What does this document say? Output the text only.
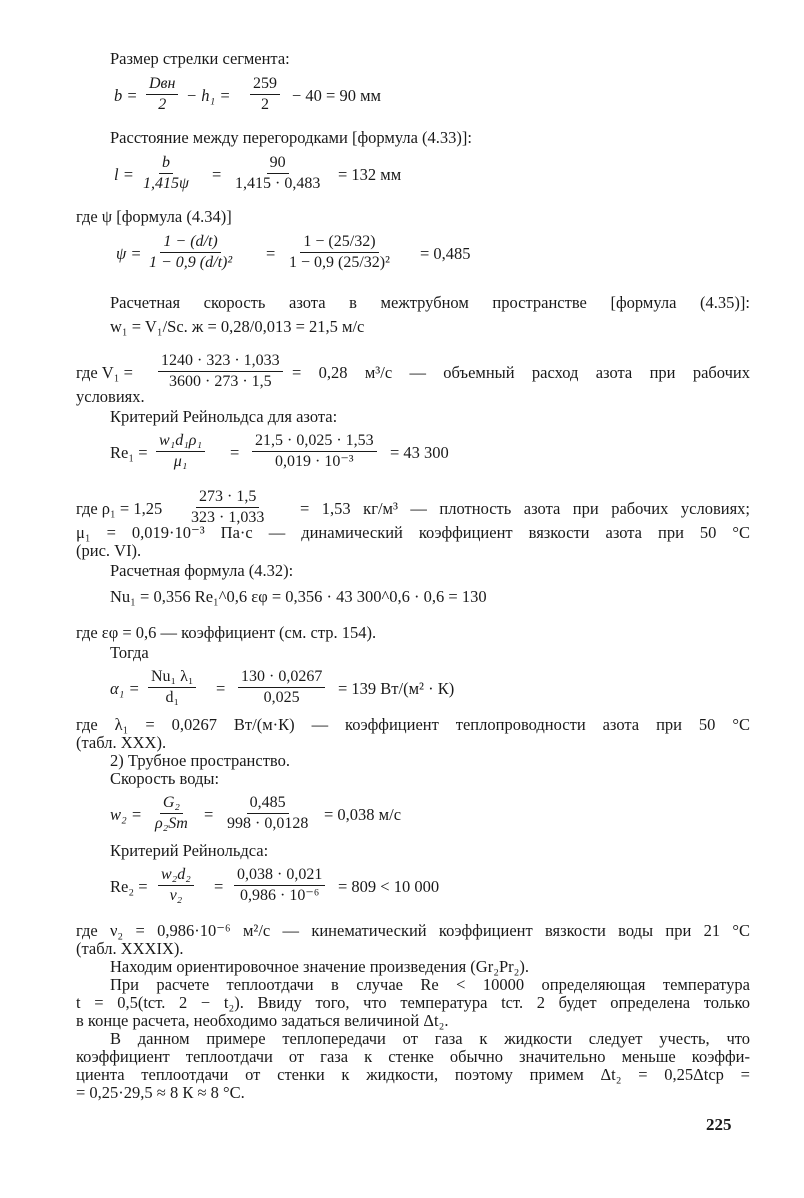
Размер стрелки сегмента:
b =
Dвн
$2 - h_1 = \frac{259}{2} - 40 = 90$ мм
Расстояние между перегородками [формула (4.33)]:
$l = \frac{b}{1,415\psi} = \frac{90}{1,415 \cdot 0,483} = 132$ мм
где ψ [формула (4.34)]
$\psi = \frac{1 - (d/t)}{\text{1 − 0,9 (d/t)²}} = \frac{1 - (25/32)}{\text{1 − 0,9 (25/32)²}} = 0,485$
Расчетная скорость азота в межтрубном пространстве [формула (4.35)]:
w₁ = V₁/Sс. ж = 0,28/0,013 = 21,5 м/с
где $V_1 = \frac{1240 \cdot 323 \cdot 1,033}{3600 \cdot 273 \cdot 1,5} = 0,28$ м³/с — объемный расход азота при рабочих
условиях.
Критерий Рейнольдса для азота:
$Re_1 = \frac{\text{w₁d₁ρ₁}}{\text{μ₁}} = \frac{21,5 \cdot 0,025 \cdot 1,53}{\text{0,019 · 10⁻³}} = 43$ 300
где $\rho_1 = 1,25 \frac{273 \cdot 1,5}{323 \cdot 1,033} = 1,53$ кг/м³ — плотность азота при рабочих условиях;
μ₁ = 0,019·10⁻³ Па·с — динамический коэффициент вязкости азота при 50 °С
(рис. VI).
Расчетная формула (4.32):
Nu₁ = 0,356 Re₁^0,6 εφ = 0,356 · 43 300^0,6 · 0,6 = 130
где εφ = 0,6 — коэффициент (см. стр. 154).
Тогда
$\alpha_1 = \frac{\text{Nu₁ λ₁}}{\text{d₁}} = \frac{130 \cdot 0,0267}{0,025} = 139$ Вт/(м² · К)
где λ₁ = 0,0267 Вт/(м·К) — коэффициент теплопроводности азота при 50 °С
(табл. XXX).
2) Трубное пространство.
Скорость воды:
w₂ =
G₂
$\rho_2Sт = \frac{0,485}{998 \cdot 0,0128} = 0,038$ м/с
Критерий Рейнольдса:
$Re_2 = \frac{\text{w₂d₂}}{\text{ν₂}} = \frac{0,038 \cdot 0,021}{\text{0,986 · 10⁻⁶}} = 809 < 10$ 000
где ν₂ = 0,986·10⁻⁶ м²/с — кинематический коэффициент вязкости воды при 21 °С
(табл. XXXIX).
Находим ориентировочное значение произведения (Gr₂Pr₂).
При расчете теплоотдачи в случае Re < 10000 определяющая температура
t = 0,5(tст. 2 − t₂). Ввиду того, что температура tст. 2 будет определена только
в конце расчета, необходимо задаться величиной Δt₂.
В данном примере теплопередачи от газа к жидкости следует учесть, что
коэффициент теплоотдачи от газа к стенке обычно значительно меньше коэффи-
циента теплоотдачи от стенки к жидкости, поэтому примем Δt₂ = 0,25Δtср =
= 0,25·29,5 ≈ 8 К ≈ 8 °С.
225
